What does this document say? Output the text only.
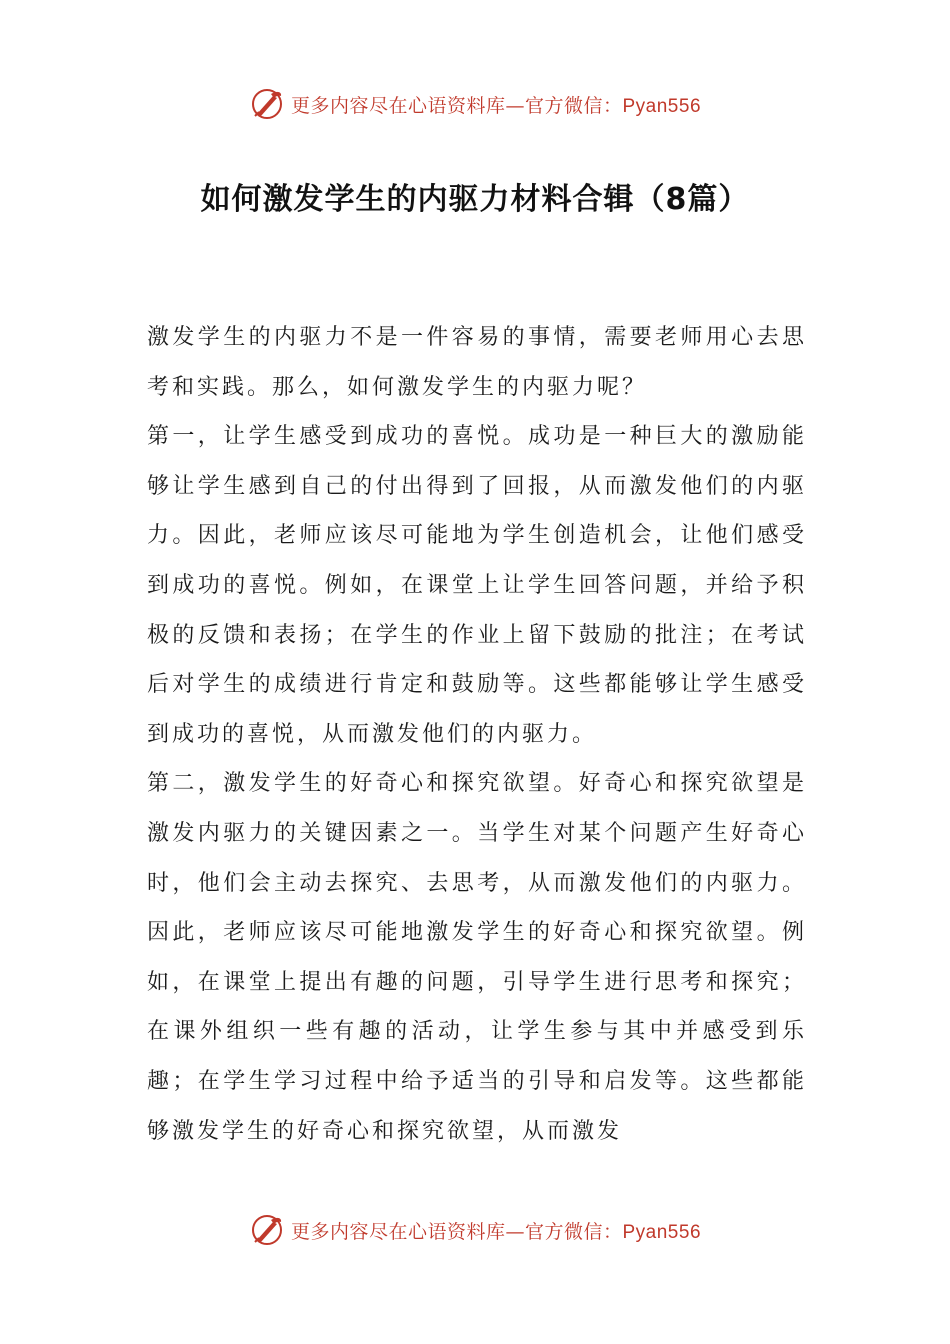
更多内容尽在心语资料库—官方微信：Pyan556
如何激发学生的内驱力材料合辑（8篇）

激发学生的内驱力不是一件容易的事情，需要老师用心去思考和实践。那么，如何激发学生的内驱力呢？

第一，让学生感受到成功的喜悦。成功是一种巨大的激励能够让学生感到自己的付出得到了回报，从而激发他们的内驱力。因此，老师应该尽可能地为学生创造机会，让他们感受到成功的喜悦。例如，在课堂上让学生回答问题，并给予积极的反馈和表扬；在学生的作业上留下鼓励的批注；在考试后对学生的成绩进行肯定和鼓励等。这些都能够让学生感受到成功的喜悦，从而激发他们的内驱力。

第二，激发学生的好奇心和探究欲望。好奇心和探究欲望是激发内驱力的关键因素之一。当学生对某个问题产生好奇心时，他们会主动去探究、去思考，从而激发他们的内驱力。因此，老师应该尽可能地激发学生的好奇心和探究欲望。例如，在课堂上提出有趣的问题，引导学生进行思考和探究；在课外组织一些有趣的活动，让学生参与其中并感受到乐趣；在学生学习过程中给予适当的引导和启发等。这些都能够激发学生的好奇心和探究欲望，从而激发

更多内容尽在心语资料库—官方微信：Pyan556
